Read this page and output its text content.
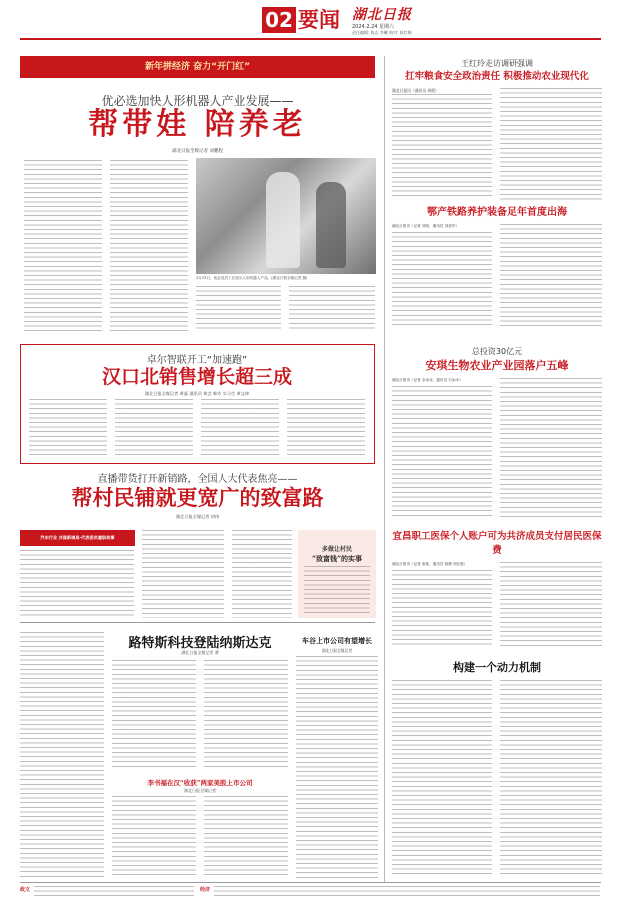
02 要闻 湖北日报
2024.2.24 星期六
责任编辑: 陈志 李曦 校对: 陆红梅
新年拼经济 奋力“开门红”
优必选加快人形机器人产业发展——
帮带娃 陪养老
湖北日报全媒记者 刘鹏程
2月23日，优必选员工在展示人形机器人产品。(湖北日报全媒记者 摄)
卓尔智联开工“加速跑”
汉口北销售增长超三成
湖北日报全媒记者 黄磊 通讯员 黄芸 韩芳 实习生 黄文坤
直播带货打开新销路，全国人大代表焦亮——
帮村民铺就更宽广的致富路
湖北日报全媒记者 胡伟
汽车行业 共谋新调局·代表委员履职故事
多做让村民
“致富钱”的实事
路特斯科技登陆纳斯达克
湖北日报全媒记者 谭
李书福在汉“收获”两家美股上市公司
湖北日报全媒记者
车谷上市公司有望增长
湖北日报全媒记者
王红玲走访调研强调
扛牢粮食安全政治责任 积极推动农业现代化
湖北日报讯（通讯员 周霞）
鄂产铁路养护装备足年首度出海
湖北日报讯（记者 刘明、通讯员 刘爱华）
总投资30亿元
安琪生物农业产业园落户五峰
湖北日报讯（记者 余冰冰、通讯员 石冰冰）
宜昌职工医保个人账户可为共济成员支付居民医保费
湖北日报讯（记者 欢欢、通讯员 薛薇 刘红艳）
构建一个动力机制
政文	经济
